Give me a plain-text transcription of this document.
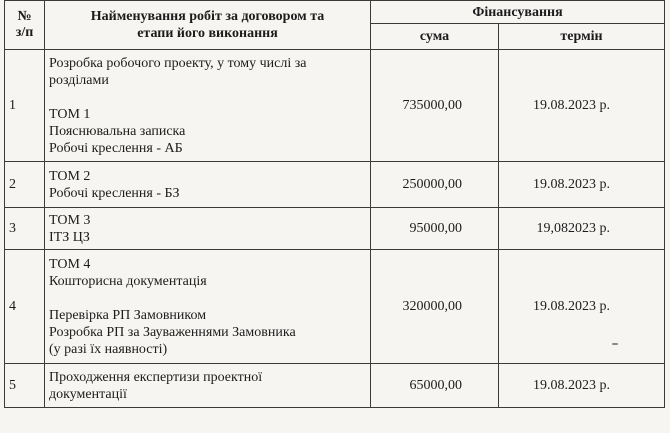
№
з/п	Найменування робіт за договором та
етапи його виконання	Фінансування	
		сума	термін
1	Розробка робочого проекту, у тому числі за
розділами
ТОМ 1
Пояснювальна записка
Робочі креслення - АБ	735000,00	19.08.2023 р.
2	ТОМ 2
Робочі креслення - БЗ	250000,00	19.08.2023 р.
3	ТОМ 3
ІТЗ ЦЗ	95000,00	19,082023 р.
4	ТОМ 4
Кошторисна документація
Перевірка РП Замовником
Розробка РП за Зауваженнями Замовника
(у разі їх наявності)	320000,00	19.08.2023 р.
5	Проходження експертизи проектної
документації	65000,00	19.08.2023 р.
